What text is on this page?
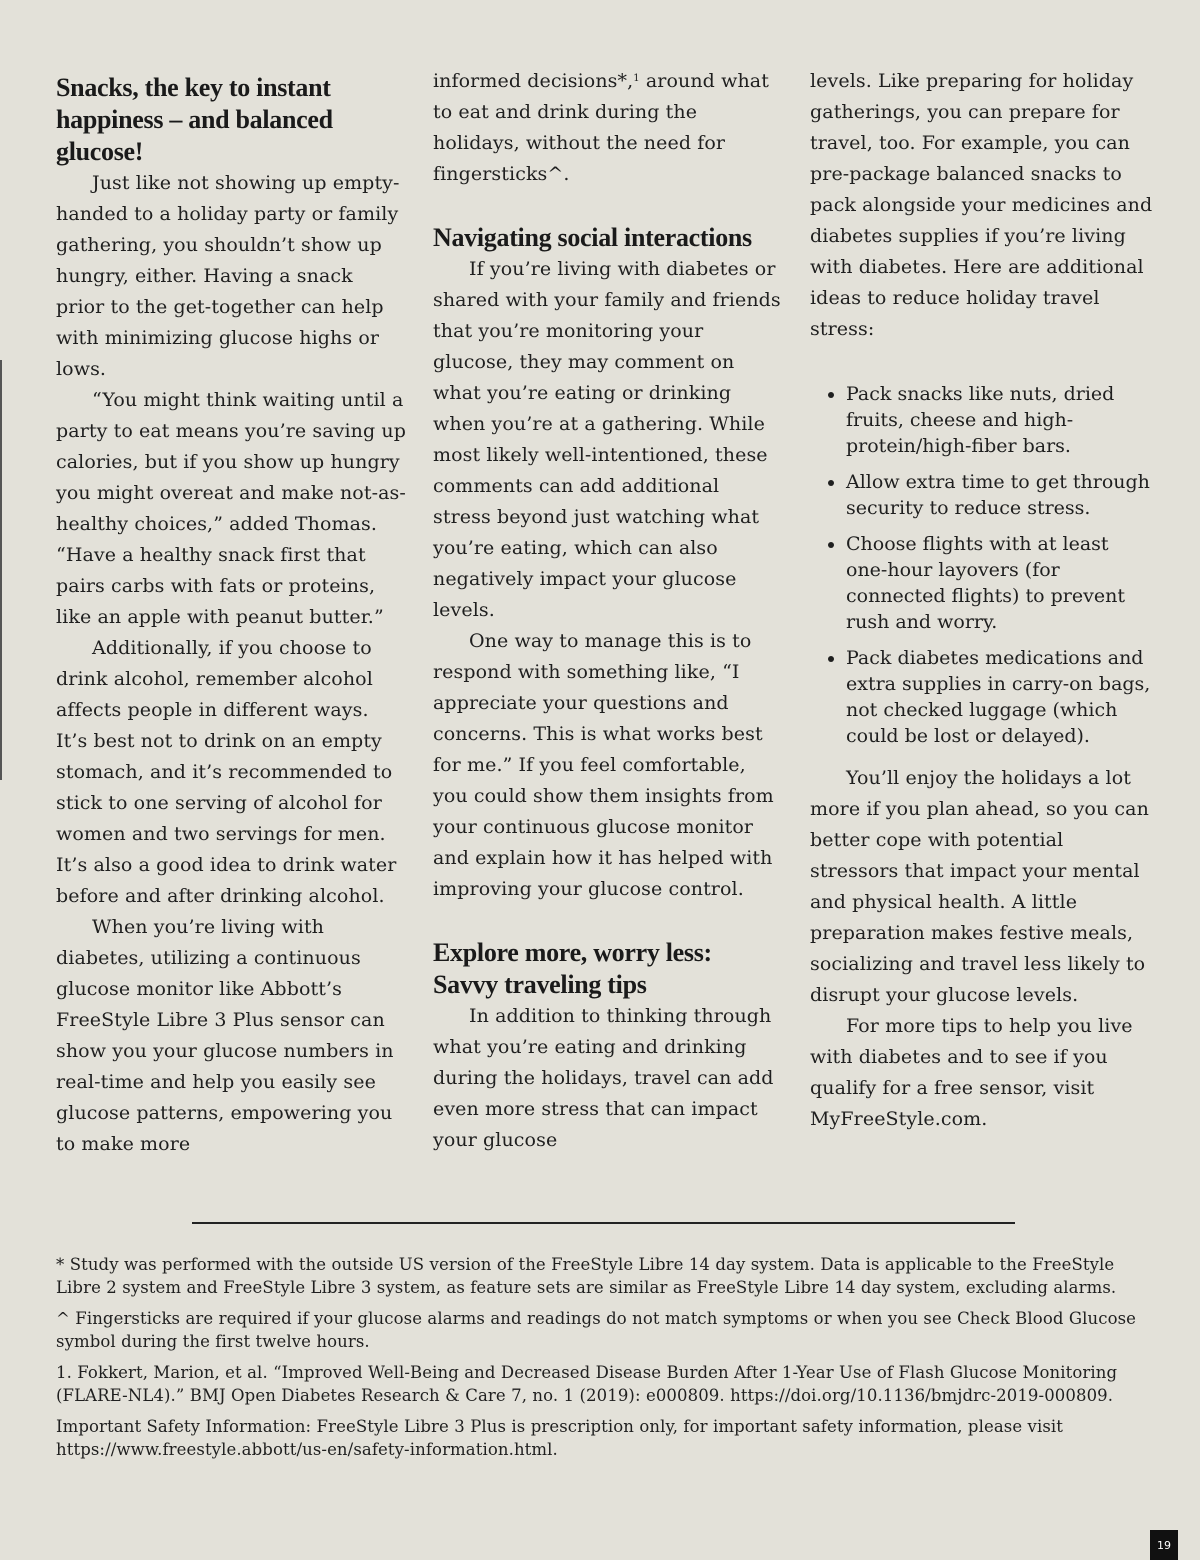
Snacks, the key to instant happiness – and balanced glucose!

Just like not showing up empty-handed to a holiday party or family gathering, you shouldn’t show up hungry, either. Having a snack prior to the get-together can help with minimizing glucose highs or lows.

“You might think waiting until a party to eat means you’re saving up calories, but if you show up hungry you might overeat and make not-as-healthy choices,” added Thomas. “Have a healthy snack first that pairs carbs with fats or proteins, like an apple with peanut butter.”

Additionally, if you choose to drink alcohol, remember alcohol affects people in different ways. It’s best not to drink on an empty stomach, and it’s recommended to stick to one serving of alcohol for women and two servings for men. It’s also a good idea to drink water before and after drinking alcohol.

When you’re living with diabetes, utilizing a continuous glucose monitor like Abbott’s FreeStyle Libre 3 Plus sensor can show you your glucose numbers in real-time and help you easily see glucose patterns, empowering you to make more

informed decisions*,$^1$ around what to eat and drink during the holidays, without the need for fingersticks^.

Navigating social interactions

If you’re living with diabetes or shared with your family and friends that you’re monitoring your glucose, they may comment on what you’re eating or drinking when you’re at a gathering. While most likely well-intentioned, these comments can add additional stress beyond just watching what you’re eating, which can also negatively impact your glucose levels.

One way to manage this is to respond with something like, “I appreciate your questions and concerns. This is what works best for me.” If you feel comfortable, you could show them insights from your continuous glucose monitor and explain how it has helped with improving your glucose control.

Explore more, worry less: Savvy traveling tips

In addition to thinking through what you’re eating and drinking during the holidays, travel can add even more stress that can impact your glucose

levels. Like preparing for holiday gatherings, you can prepare for travel, too. For example, you can pre-package balanced snacks to pack alongside your medicines and diabetes supplies if you’re living with diabetes. Here are additional ideas to reduce holiday travel stress:

• Pack snacks like nuts, dried fruits, cheese and high-protein/high-fiber bars.
• Allow extra time to get through security to reduce stress.
• Choose flights with at least one-hour layovers (for connected flights) to prevent rush and worry.
• Pack diabetes medications and extra supplies in carry-on bags, not checked luggage (which could be lost or delayed).

You’ll enjoy the holidays a lot more if you plan ahead, so you can better cope with potential stressors that impact your mental and physical health. A little preparation makes festive meals, socializing and travel less likely to disrupt your glucose levels.

For more tips to help you live with diabetes and to see if you qualify for a free sensor, visit MyFreeStyle.com.

* Study was performed with the outside US version of the FreeStyle Libre 14 day system. Data is applicable to the FreeStyle Libre 2 system and FreeStyle Libre 3 system, as feature sets are similar as FreeStyle Libre 14 day system, excluding alarms.

^ Fingersticks are required if your glucose alarms and readings do not match symptoms or when you see Check Blood Glucose symbol during the first twelve hours.

1. Fokkert, Marion, et al. “Improved Well-Being and Decreased Disease Burden After 1-Year Use of Flash Glucose Monitoring (FLARE-NL4).” BMJ Open Diabetes Research & Care 7, no. 1 (2019): e000809. https://doi.org/10.1136/bmjdrc-2019-000809.

Important Safety Information: FreeStyle Libre 3 Plus is prescription only, for important safety information, please visit https://www.freestyle.abbott/us-en/safety-information.html.

19
